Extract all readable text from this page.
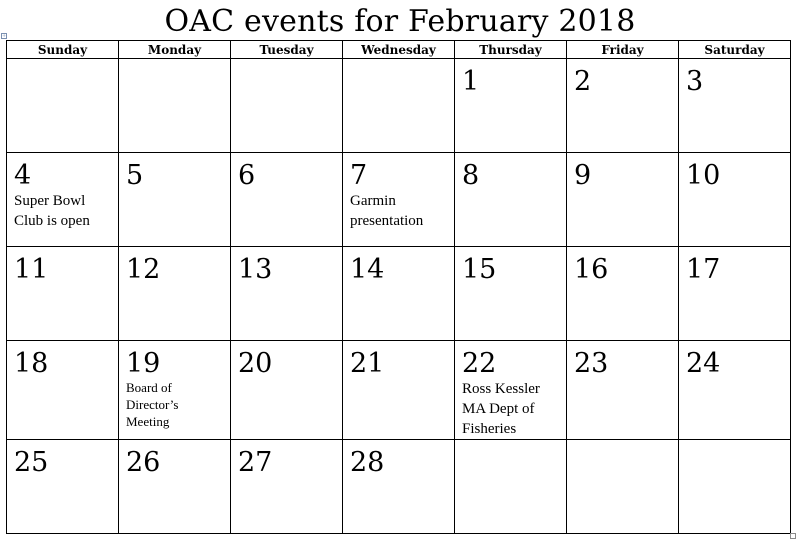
OAC events for February 2018
+
Sunday	Monday	Tuesday	Wednesday	Thursday	Friday	Saturday

				1	2	3

4
Super Bowl
Club is open	5	6	7
Garmin
presentation	8	9	10

11	12	13	14	15	16	17

18	19
Board of
Director’s
Meeting	20	21	22
Ross Kessler
MA Dept of
Fisheries	23	24

25	26	27	28			
